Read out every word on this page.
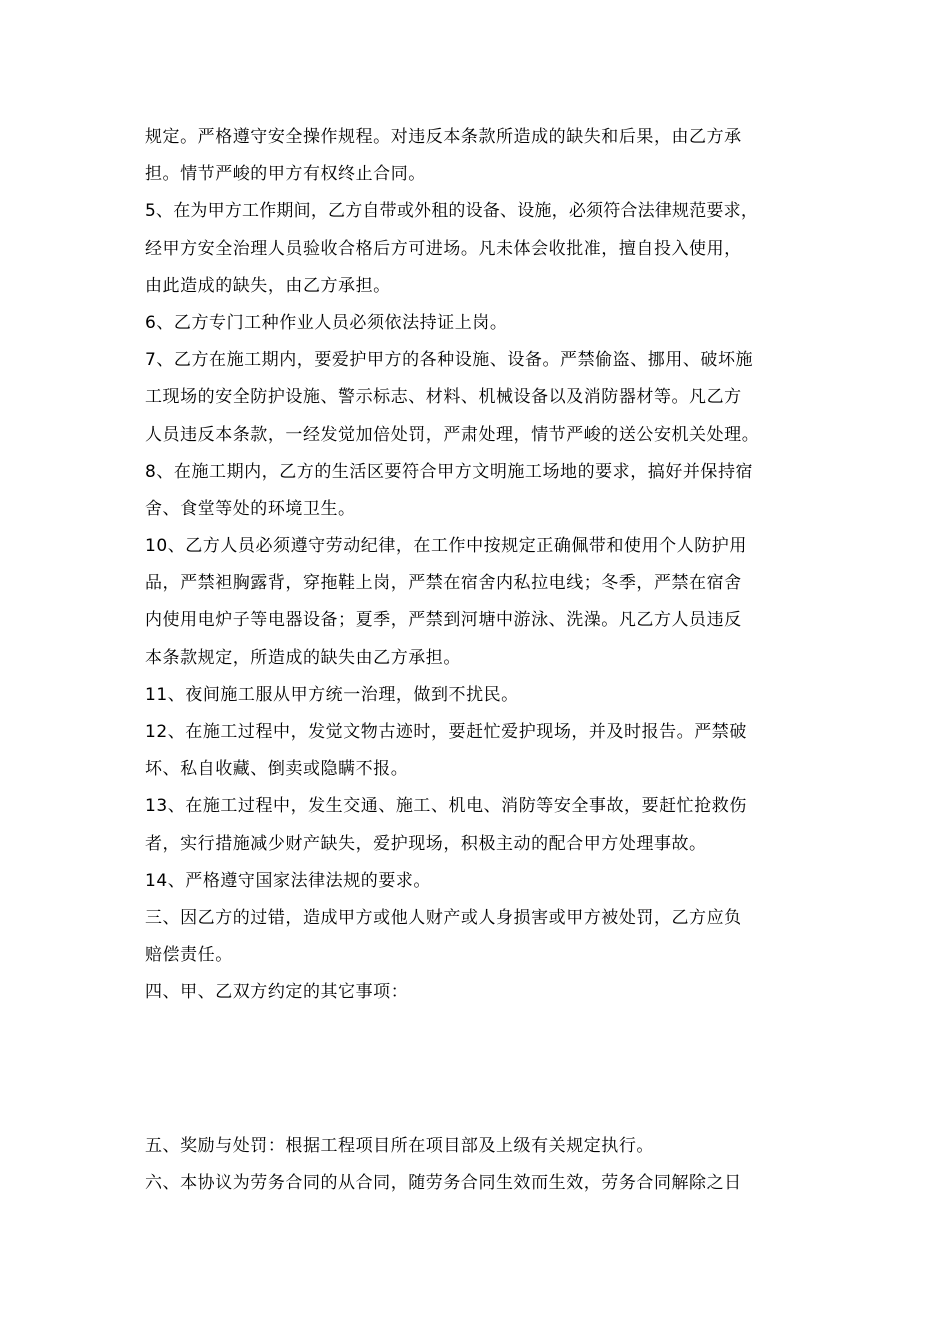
规定。严格遵守安全操作规程。对违反本条款所造成的缺失和后果，由乙方承
担。情节严峻的甲方有权终止合同。
5、在为甲方工作期间，乙方自带或外租的设备、设施，必须符合法律规范要求，
经甲方安全治理人员验收合格后方可进场。凡未体会收批准，擅自投入使用，
由此造成的缺失，由乙方承担。
6、乙方专门工种作业人员必须依法持证上岗。
7、乙方在施工期内，要爱护甲方的各种设施、设备。严禁偷盗、挪用、破坏施
工现场的安全防护设施、警示标志、材料、机械设备以及消防器材等。凡乙方
人员违反本条款，一经发觉加倍处罚，严肃处理，情节严峻的送公安机关处理。
8、在施工期内，乙方的生活区要符合甲方文明施工场地的要求，搞好并保持宿
舍、食堂等处的环境卫生。
10、乙方人员必须遵守劳动纪律，在工作中按规定正确佩带和使用个人防护用
品，严禁袒胸露背，穿拖鞋上岗，严禁在宿舍内私拉电线；冬季，严禁在宿舍
内使用电炉子等电器设备；夏季，严禁到河塘中游泳、洗澡。凡乙方人员违反
本条款规定，所造成的缺失由乙方承担。
11、夜间施工服从甲方统一治理，做到不扰民。
12、在施工过程中，发觉文物古迹时，要赶忙爱护现场，并及时报告。严禁破
坏、私自收藏、倒卖或隐瞒不报。
13、在施工过程中，发生交通、施工、机电、消防等安全事故，要赶忙抢救伤
者，实行措施减少财产缺失，爱护现场，积极主动的配合甲方处理事故。
14、严格遵守国家法律法规的要求。
三、因乙方的过错，造成甲方或他人财产或人身损害或甲方被处罚，乙方应负
赔偿责任。
四、甲、乙双方约定的其它事项：
五、奖励与处罚：根据工程项目所在项目部及上级有关规定执行。
六、本协议为劳务合同的从合同，随劳务合同生效而生效，劳务合同解除之日
